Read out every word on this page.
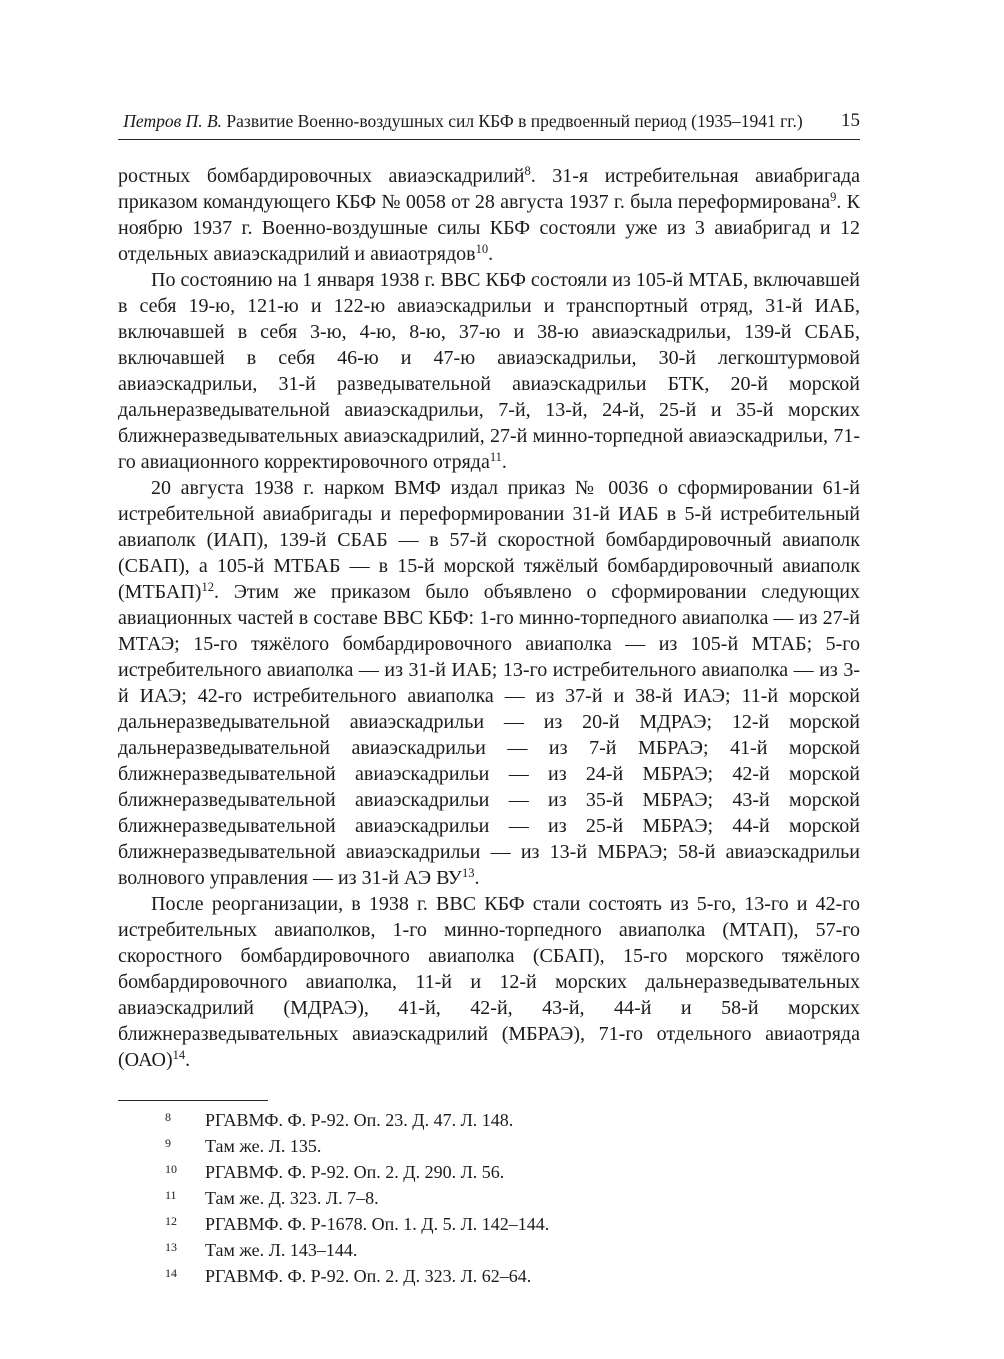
Петров П. В. Развитие Военно-воздушных сил КБФ в предвоенный период (1935–1941 гг.)	15

ростных бомбардировочных авиаэскадрилий$^8$. 31-я истребительная авиабригада приказом командующего КБФ № 0058 от 28 августа 1937 г. была переформирована$^9$. К ноябрю 1937 г. Военно-воздушные силы КБФ состояли уже из 3 авиабригад и 12 отдельных авиаэскадрилий и авиаотрядов$^{10}$.

По состоянию на 1 января 1938 г. ВВС КБФ состояли из 105-й МТАБ, включавшей в себя 19-ю, 121-ю и 122-ю авиаэскадрильи и транспортный отряд, 31-й ИАБ, включавшей в себя 3-ю, 4-ю, 8-ю, 37-ю и 38-ю авиаэскадрильи, 139-й СБАБ, включавшей в себя 46-ю и 47-ю авиаэскадрильи, 30-й легкоштурмовой авиаэскадрильи, 31-й разведывательной авиаэскадрильи БТК, 20-й морской дальнеразведывательной авиаэскадрильи, 7-й, 13-й, 24-й, 25-й и 35-й морских ближнеразведывательных авиаэскадрилий, 27-й минно-торпедной авиаэскадрильи, 71-го авиационного корректировочного отряда$^{11}$.

20 августа 1938 г. нарком ВМФ издал приказ № 0036 о сформировании 61-й истребительной авиабригады и переформировании 31-й ИАБ в 5-й истребительный авиаполк (ИАП), 139-й СБАБ — в 57-й скоростной бомбардировочный авиаполк (СБАП), а 105-й МТБАБ — в 15-й морской тяжёлый бомбардировочный авиаполк (МТБАП)$^{12}$. Этим же приказом было объявлено о сформировании следующих авиационных частей в составе ВВС КБФ: 1-го минно-торпедного авиаполка — из 27-й МТАЭ; 15-го тяжёлого бомбардировочного авиаполка — из 105-й МТАБ; 5-го истребительного авиаполка — из 31-й ИАБ; 13-го истребительного авиаполка — из 3-й ИАЭ; 42-го истребительного авиаполка — из 37-й и 38-й ИАЭ; 11-й морской дальнеразведывательной авиаэскадрильи — из 20-й МДРАЭ; 12-й морской дальнеразведывательной авиаэскадрильи — из 7-й МБРАЭ; 41-й морской ближнеразведывательной авиаэскадрильи — из 24-й МБРАЭ; 42-й морской ближнеразведывательной авиаэскадрильи — из 35-й МБРАЭ; 43-й морской ближнеразведывательной авиаэскадрильи — из 25-й МБРАЭ; 44-й морской ближнеразведывательной авиаэскадрильи — из 13-й МБРАЭ; 58-й авиаэскадрильи волнового управления — из 31-й АЭ ВУ$^{13}$.

После реорганизации, в 1938 г. ВВС КБФ стали состоять из 5-го, 13-го и 42-го истребительных авиаполков, 1-го минно-торпедного авиаполка (МТАП), 57-го скоростного бомбардировочного авиаполка (СБАП), 15-го морского тяжёлого бомбардировочного авиаполка, 11-й и 12-й морских дальнеразведывательных авиаэскадрилий (МДРАЭ), 41-й, 42-й, 43-й, 44-й и 58-й морских ближнеразведывательных авиаэскадрилий (МБРАЭ), 71-го отдельного авиаотряда (ОАО)$^{14}$.

8 РГАВМФ. Ф. Р-92. Оп. 23. Д. 47. Л. 148.
9 Там же. Л. 135.
10 РГАВМФ. Ф. Р-92. Оп. 2. Д. 290. Л. 56.
11 Там же. Д. 323. Л. 7–8.
12 РГАВМФ. Ф. Р-1678. Оп. 1. Д. 5. Л. 142–144.
13 Там же. Л. 143–144.
14 РГАВМФ. Ф. Р-92. Оп. 2. Д. 323. Л. 62–64.
